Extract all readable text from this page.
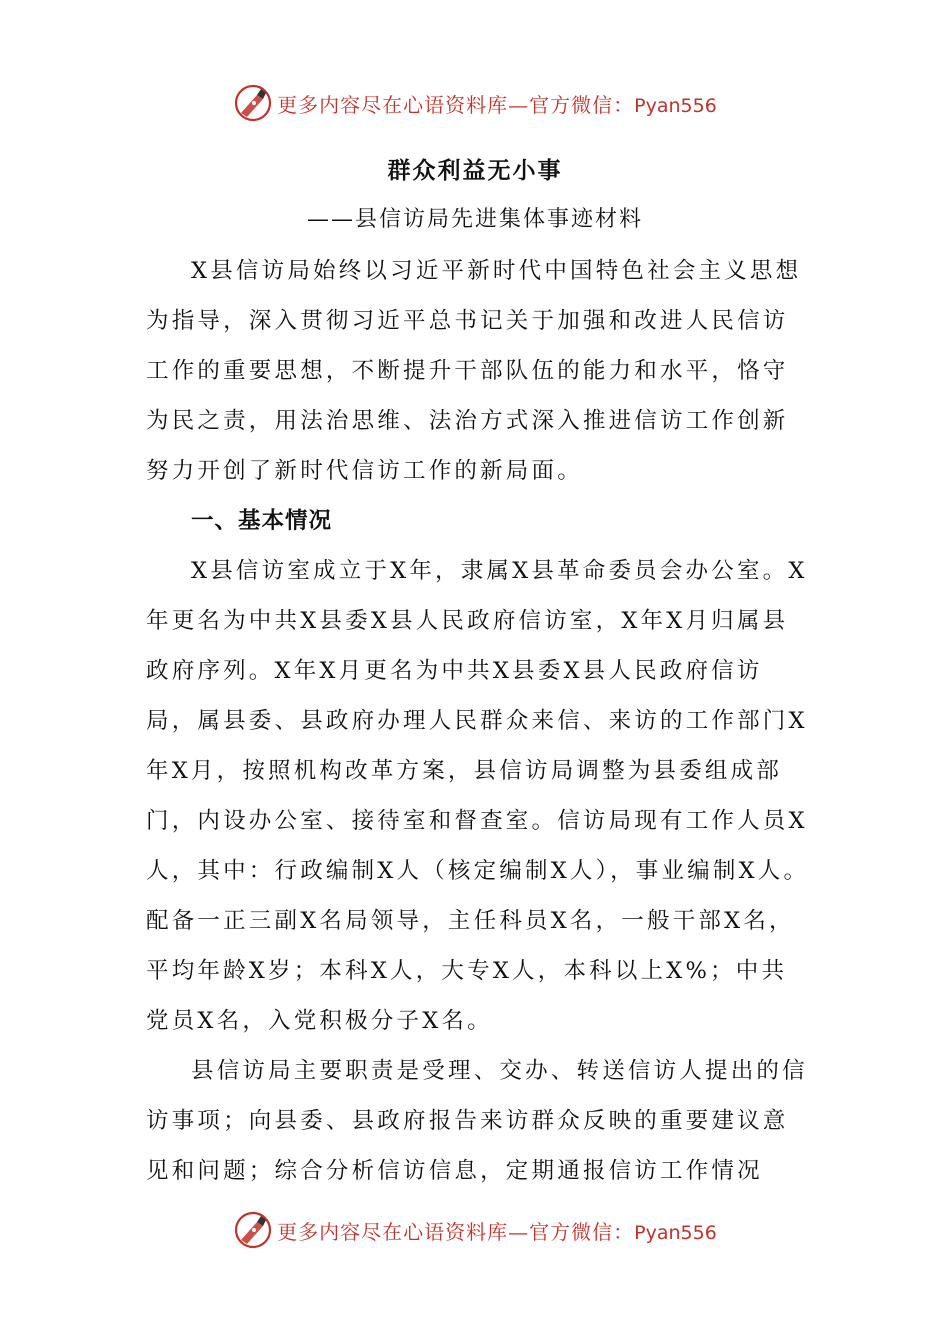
更多内容尽在心语资料库—官方微信：Pyan556
群众利益无小事
——县信访局先进集体事迹材料

X县信访局始终以习近平新时代中国特色社会主义思想为指导，深入贯彻习近平总书记关于加强和改进人民信访工作的重要思想，不断提升干部队伍的能力和水平，恪守为民之责，用法治思维、法治方式深入推进信访工作创新努力开创了新时代信访工作的新局面。

一、基本情况

X县信访室成立于X年，隶属X县革命委员会办公室。X年更名为中共X县委X县人民政府信访室，X年X月归属县政府序列。X年X月更名为中共X县委X县人民政府信访局，属县委、县政府办理人民群众来信、来访的工作部门X年X月，按照机构改革方案，县信访局调整为县委组成部门，内设办公室、接待室和督查室。信访局现有工作人员X人，其中：行政编制X人（核定编制X人），事业编制X人。配备一正三副X名局领导，主任科员X名，一般干部X名，平均年龄X岁；本科X人，大专X人，本科以上X%；中共党员X名，入党积极分子X名。

县信访局主要职责是受理、交办、转送信访人提出的信访事项；向县委、县政府报告来访群众反映的重要建议意见和问题；综合分析信访信息，定期通报信访工作情况

更多内容尽在心语资料库—官方微信：Pyan556
